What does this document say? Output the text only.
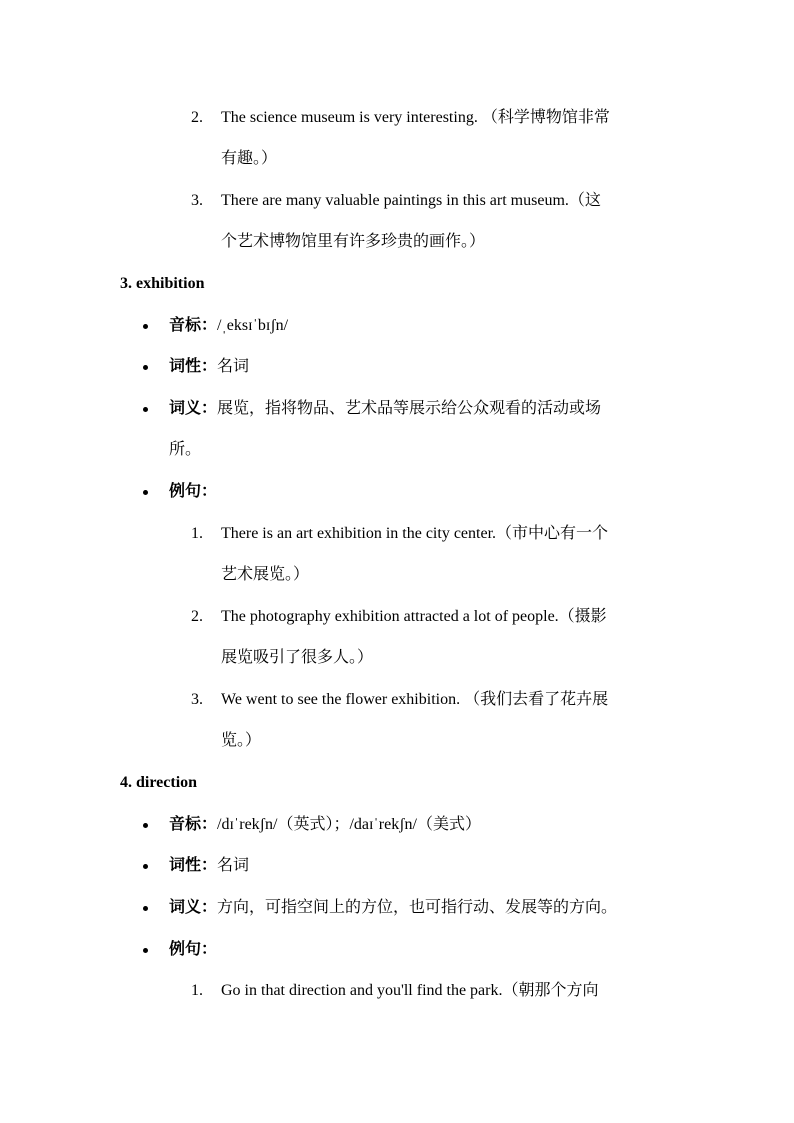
2. The science museum is very interesting. （科学博物馆非常
有趣。）
3. There are many valuable paintings in this art museum.（这
个艺术博物馆里有许多珍贵的画作。）
3. exhibition
音标：/ˌeksɪˈbɪʃn/
词性：名词
词义：展览，指将物品、艺术品等展示给公众观看的活动或场
所。
例句：
1. There is an art exhibition in the city center.（市中心有一个
艺术展览。）
2. The photography exhibition attracted a lot of people.（摄影
展览吸引了很多人。）
3. We went to see the flower exhibition. （我们去看了花卉展
览。）
4. direction
音标：/dɪˈrekʃn/（英式）；/daɪˈrekʃn/（美式）
词性：名词
词义：方向，可指空间上的方位，也可指行动、发展等的方向。
例句：
1. Go in that direction and you'll find the park.（朝那个方向
